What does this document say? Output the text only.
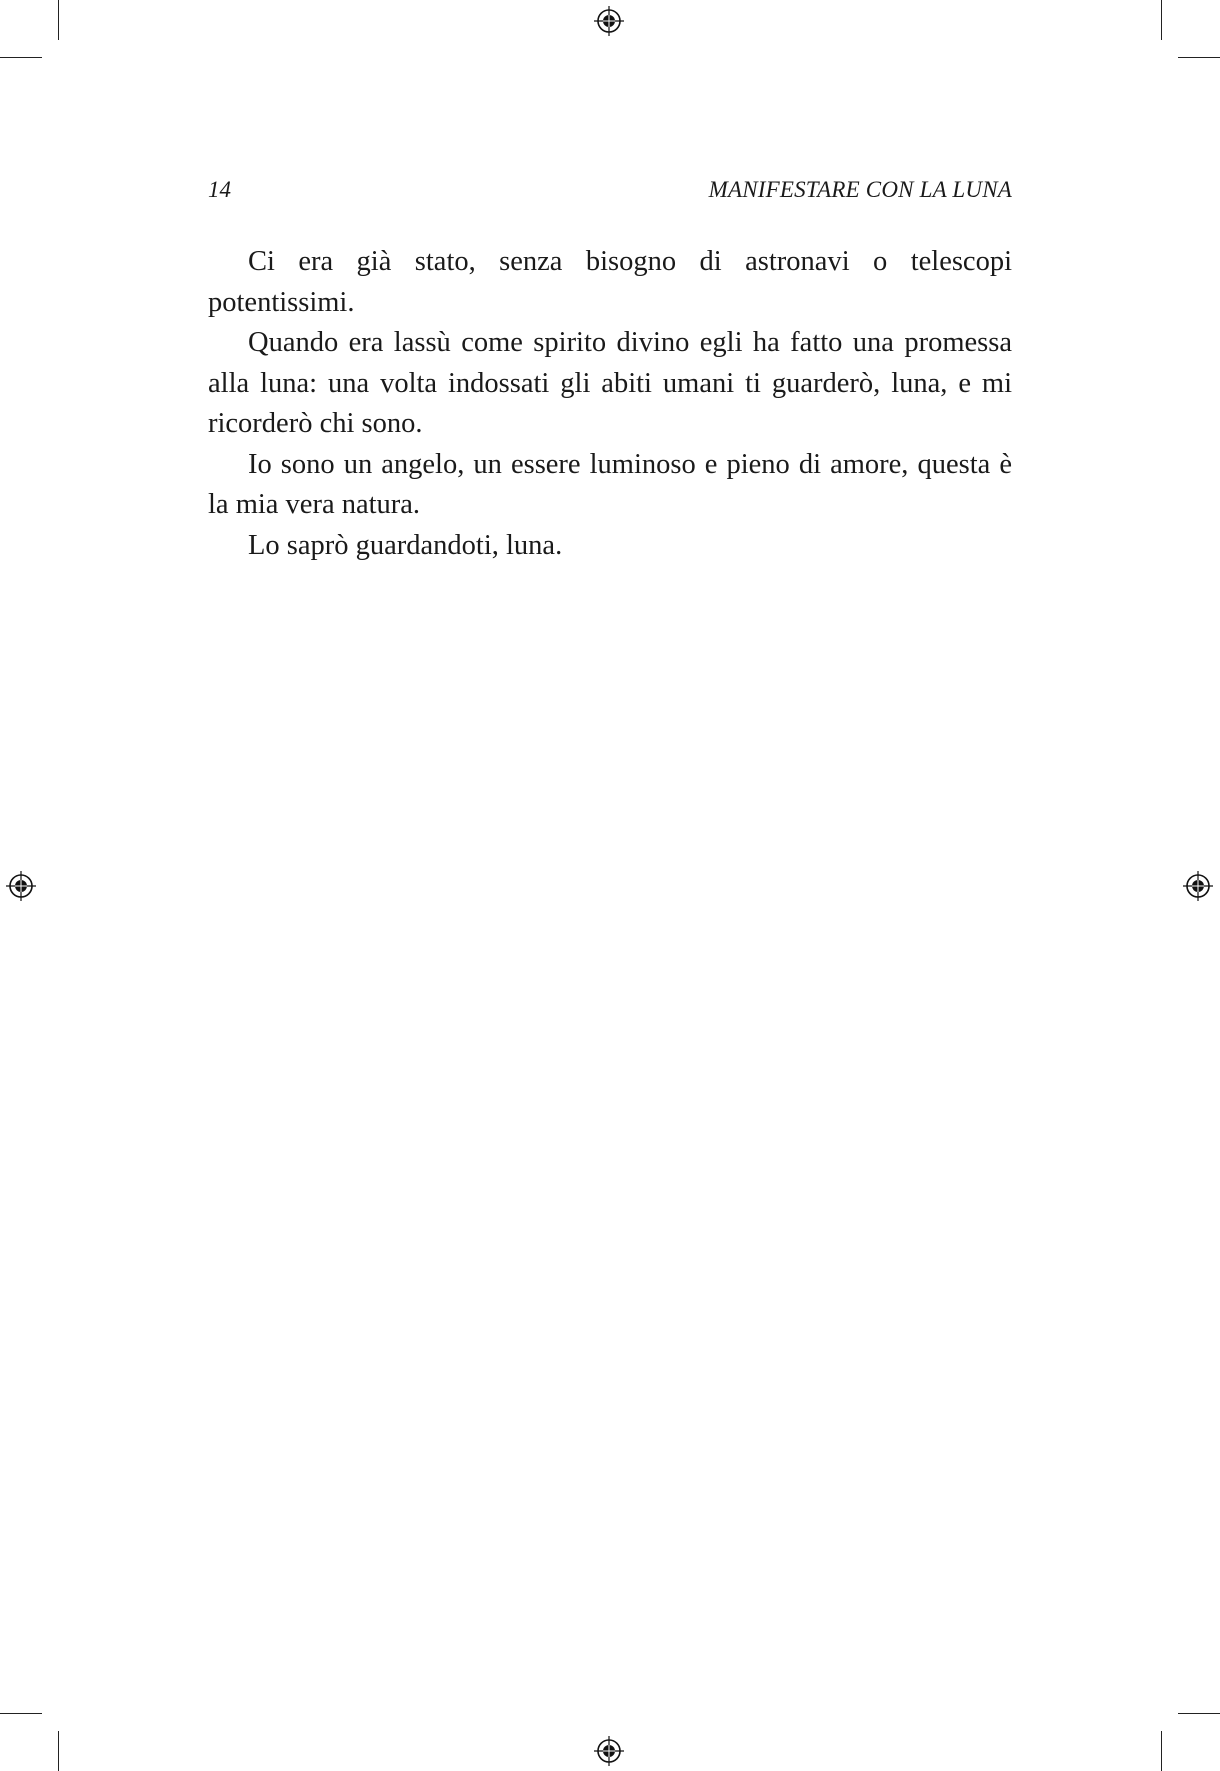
14	MANIFESTARE CON LA LUNA

Ci era già stato, senza bisogno di astronavi o telescopi potentissimi.

Quando era lassù come spirito divino egli ha fatto una promessa alla luna: una volta indossati gli abiti umani ti guarderò, luna, e mi ricorderò chi sono.

Io sono un angelo, un essere luminoso e pieno di amore, questa è la mia vera natura.

Lo saprò guardandoti, luna.
